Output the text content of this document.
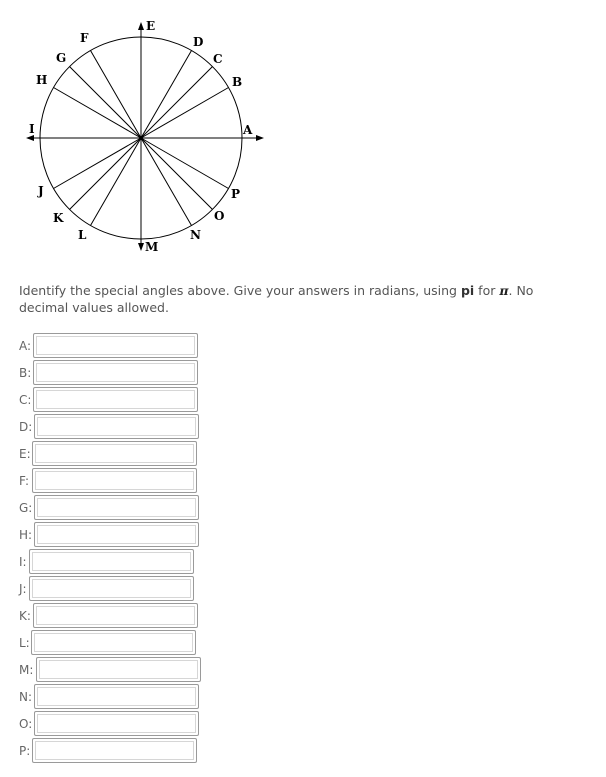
A
B
C
D
E
F
G
H
I
J
K
L
M
N
O
P
Identify the special angles above. Give your answers in radians, using pi for π. No decimal values allowed.
A:
B:
C:
D:
E:
F:
G:
H:
I:
J:
K:
L:
M:
N:
O:
P:
